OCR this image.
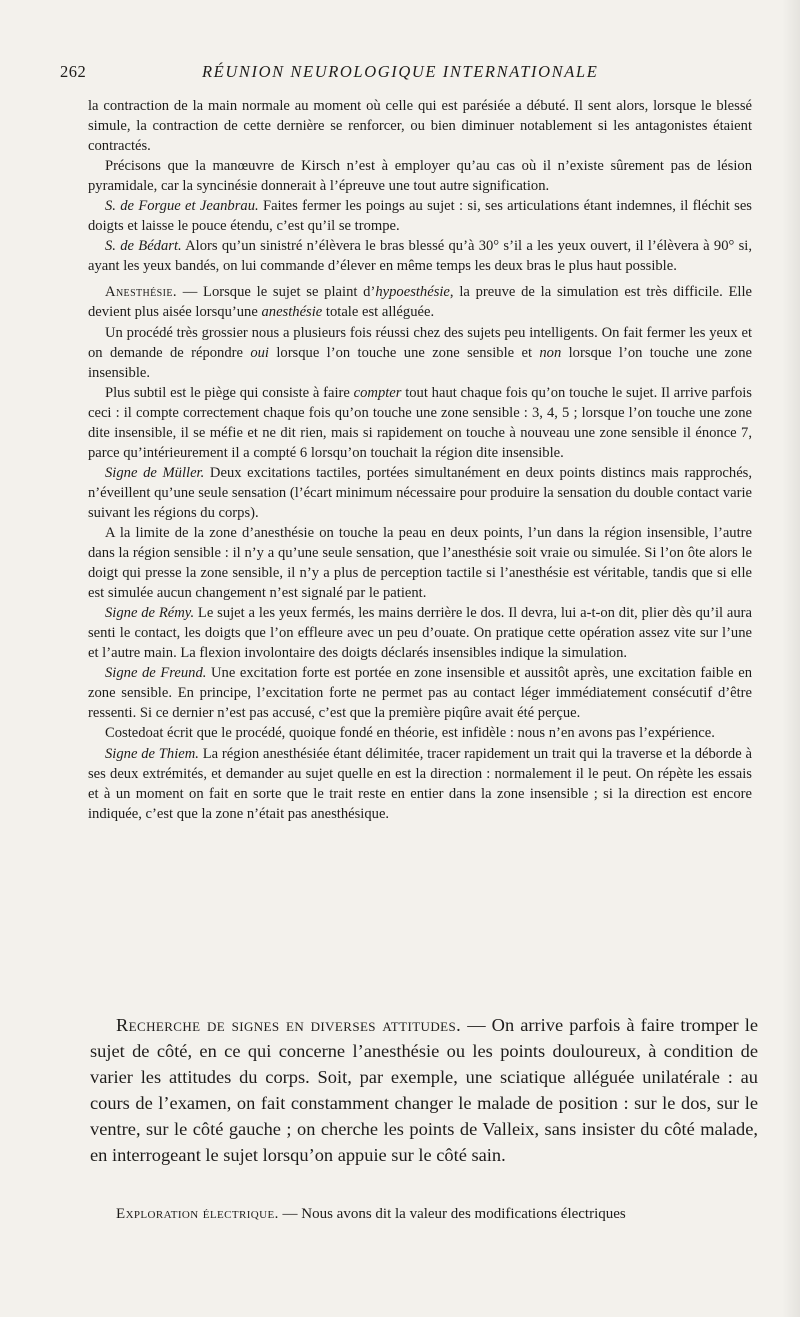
262	RÉUNION NEUROLOGIQUE INTERNATIONALE

la contraction de la main normale au moment où celle qui est parésiée a débuté. Il sent alors, lorsque le blessé simule, la contraction de cette dernière se renforcer, ou bien diminuer notablement si les antagonistes étaient contractés.

Précisons que la manœuvre de Kirsch n’est à employer qu’au cas où il n’existe sûrement pas de lésion pyramidale, car la syncinésie donnerait à l’épreuve une tout autre signification.

S. de Forgue et Jeanbrau. Faites fermer les poings au sujet : si, ses articulations étant indemnes, il fléchit ses doigts et laisse le pouce étendu, c’est qu’il se trompe.

S. de Bédart. Alors qu’un sinistré n’élèvera le bras blessé qu’à 30° s’il a les yeux ouvert, il l’élèvera à 90° si, ayant les yeux bandés, on lui commande d’élever en même temps les deux bras le plus haut possible.

Anesthésie. — Lorsque le sujet se plaint d’hypoesthésie, la preuve de la simulation est très difficile. Elle devient plus aisée lorsqu’une anesthésie totale est alléguée.

Un procédé très grossier nous a plusieurs fois réussi chez des sujets peu intelligents. On fait fermer les yeux et on demande de répondre oui lorsque l’on touche une zone sensible et non lorsque l’on touche une zone insensible.

Plus subtil est le piège qui consiste à faire compter tout haut chaque fois qu’on touche le sujet. Il arrive parfois ceci : il compte correctement chaque fois qu’on touche une zone sensible : 3, 4, 5 ; lorsque l’on touche une zone dite insensible, il se méfie et ne dit rien, mais si rapidement on touche à nouveau une zone sensible il énonce 7, parce qu’intérieurement il a compté 6 lorsqu’on touchait la région dite insensible.

Signe de Müller. Deux excitations tactiles, portées simultanément en deux points distincs mais rapprochés, n’éveillent qu’une seule sensation (l’écart minimum nécessaire pour produire la sensation du double contact varie suivant les régions du corps).

A la limite de la zone d’anesthésie on touche la peau en deux points, l’un dans la région insensible, l’autre dans la région sensible : il n’y a qu’une seule sensation, que l’anesthésie soit vraie ou simulée. Si l’on ôte alors le doigt qui presse la zone sensible, il n’y a plus de perception tactile si l’anesthésie est véritable, tandis que si elle est simulée aucun changement n’est signalé par le patient.

Signe de Rémy. Le sujet a les yeux fermés, les mains derrière le dos. Il devra, lui a-t-on dit, plier dès qu’il aura senti le contact, les doigts que l’on effleure avec un peu d’ouate. On pratique cette opération assez vite sur l’une et l’autre main. La flexion involontaire des doigts déclarés insensibles indique la simulation.

Signe de Freund. Une excitation forte est portée en zone insensible et aussitôt après, une excitation faible en zone sensible. En principe, l’excitation forte ne permet pas au contact léger immédiatement consécutif d’être ressenti. Si ce dernier n’est pas accusé, c’est que la première piqûre avait été perçue.

Costedoat écrit que le procédé, quoique fondé en théorie, est infidèle : nous n’en avons pas l’expérience.

Signe de Thiem. La région anesthésiée étant délimitée, tracer rapidement un trait qui la traverse et la déborde à ses deux extrémités, et demander au sujet quelle en est la direction : normalement il le peut. On répète les essais et à un moment on fait en sorte que le trait reste en entier dans la zone insensible ; si la direction est encore indiquée, c’est que la zone n’était pas anesthésique.

Recherche de signes en diverses attitudes. — On arrive parfois à faire tromper le sujet de côté, en ce qui concerne l’anesthésie ou les points douloureux, à condition de varier les attitudes du corps. Soit, par exemple, une sciatique alléguée unilatérale : au cours de l’examen, on fait constamment changer le malade de position : sur le dos, sur le ventre, sur le côté gauche ; on cherche les points de Valleix, sans insister du côté malade, en interrogeant le sujet lorsqu’on appuie sur le côté sain.

Exploration électrique. — Nous avons dit la valeur des modifications électriques
